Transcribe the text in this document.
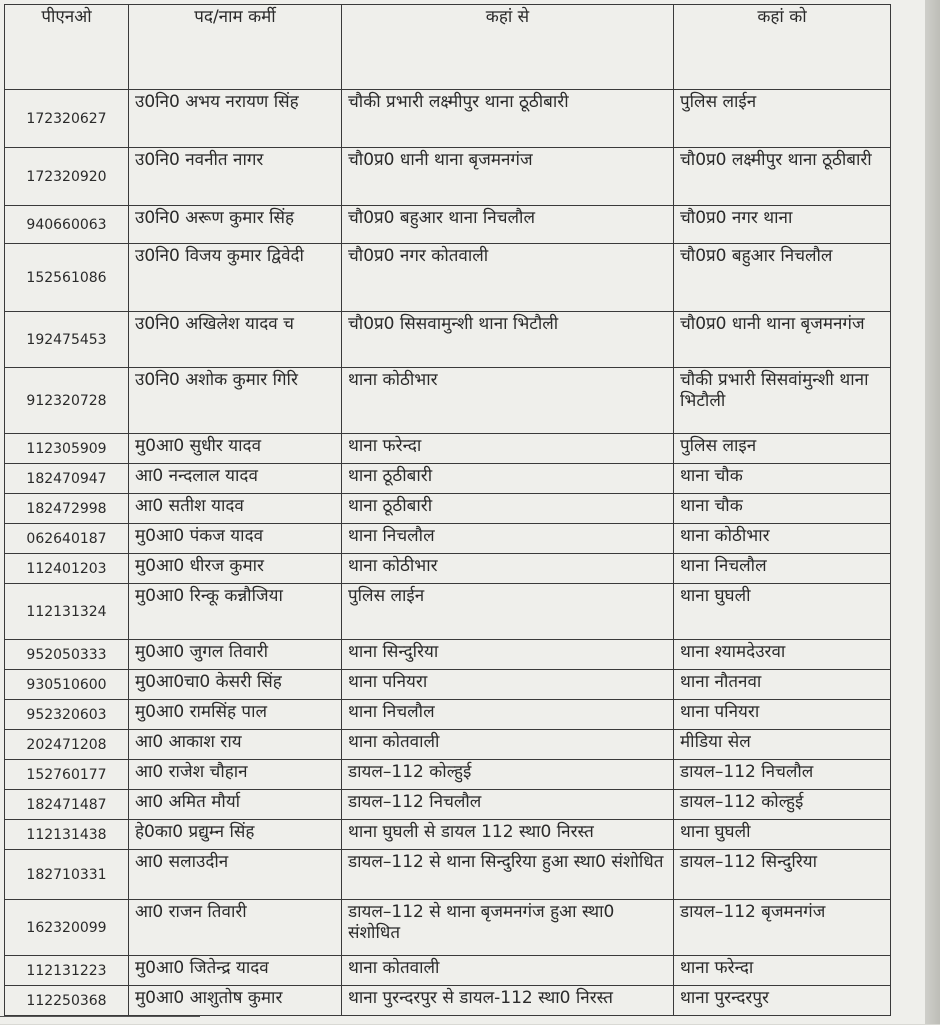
पीएनओ	पद/नाम कर्मी	कहां से	कहां को
172320627	उ0नि0 अभय नरायण सिंह	चौकी प्रभारी लक्ष्मीपुर थाना ठूठीबारी	पुलिस लाईन
172320920	उ0नि0 नवनीत नागर	चौ0प्र0 धानी थाना बृजमनगंज	चौ0प्र0 लक्ष्मीपुर थाना ठूठीबारी
940660063	उ0नि0 अरूण कुमार सिंह	चौ0प्र0 बहुआर थाना निचलौल	चौ0प्र0 नगर थाना
152561086	उ0नि0 विजय कुमार द्विवेदी	चौ0प्र0 नगर कोतवाली	चौ0प्र0 बहुआर निचलौल
192475453	उ0नि0 अखिलेश यादव च	चौ0प्र0 सिसवामुन्शी थाना भिटौली	चौ0प्र0 धानी थाना बृजमनगंज
912320728	उ0नि0 अशोक कुमार गिरि	थाना कोठीभार	चौकी प्रभारी सिसवांमुन्शी थाना भिटौली
112305909	मु0आ0 सुधीर यादव	थाना फरेन्दा	पुलिस लाइन
182470947	आ0 नन्दलाल यादव	थाना ठूठीबारी	थाना चौक
182472998	आ0 सतीश यादव	थाना ठूठीबारी	थाना चौक
062640187	मु0आ0 पंकज यादव	थाना निचलौल	थाना कोठीभार
112401203	मु0आ0 धीरज कुमार	थाना कोठीभार	थाना निचलौल
112131324	मु0आ0 रिन्कू कन्नौजिया	पुलिस लाईन	थाना घुघली
952050333	मु0आ0 जुगल तिवारी	थाना सिन्दुरिया	थाना श्यामदेउरवा
930510600	मु0आ0चा0 केसरी सिंह	थाना पनियरा	थाना नौतनवा
952320603	मु0आ0 रामसिंह पाल	थाना निचलौल	थाना पनियरा
202471208	आ0 आकाश राय	थाना कोतवाली	मीडिया सेल
152760177	आ0 राजेश चौहान	डायल–112 कोल्हुई	डायल–112 निचलौल
182471487	आ0 अमित मौर्या	डायल–112 निचलौल	डायल–112 कोल्हुई
112131438	हे0का0 प्रद्युम्न सिंह	थाना घुघली से डायल 112 स्था0 निरस्त	थाना घुघली
182710331	आ0 सलाउदीन	डायल–112 से थाना सिन्दुरिया हुआ स्था0 संशोधित	डायल–112 सिन्दुरिया
162320099	आ0 राजन तिवारी	डायल–112 से थाना बृजमनगंज हुआ स्था0 संशोधित	डायल–112 बृजमनगंज
112131223	मु0आ0 जितेन्द्र यादव	थाना कोतवाली	थाना फरेन्दा
112250368	मु0आ0 आशुतोष कुमार	थाना पुरन्दरपुर से डायल-112 स्था0 निरस्त	थाना पुरन्दरपुर
